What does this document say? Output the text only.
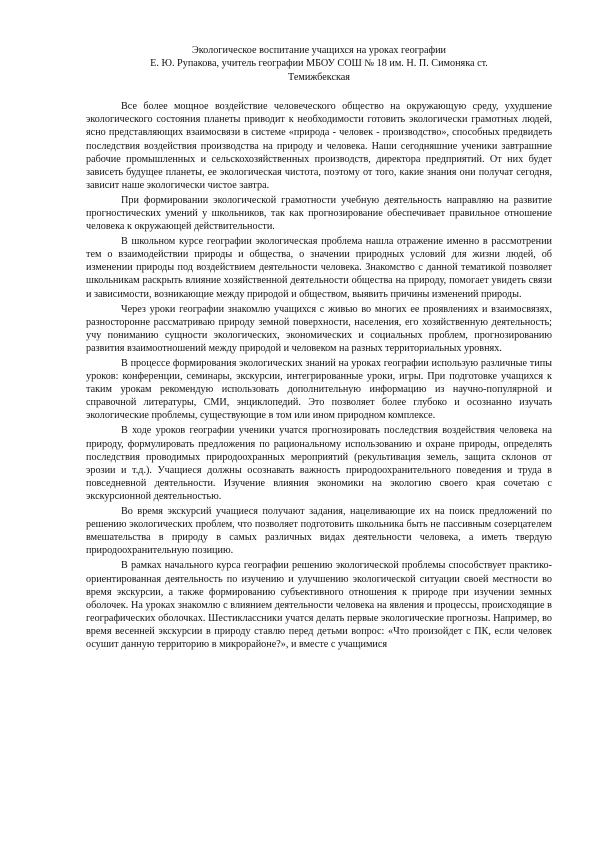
Экологическое воспитание учащихся на уроках географии
Е. Ю. Рупакова, учитель географии МБОУ СОШ № 18 им. Н. П. Симоняка ст.
Темижбекская

Все более мощное воздействие человеческого общество на окружающую среду, ухудшение экологического состояния планеты приводит к необходимости готовить экологически грамотных людей, ясно представляющих взаимосвязи в системе «природа - человек - производство», способных предвидеть последствия воздействия производства на природу и человека. Наши сегодняшние ученики завтрашние рабочие промышленных и сельскохозяйственных производств, директора предприятий. От них будет зависеть будущее планеты, ее экологическая чистота, поэтому от того, какие знания они получат сегодня, зависит наше экологически чистое завтра.

При формировании экологической грамотности учебную деятельность направляю на развитие прогностических умений у школьников, так как прогнозирование обеспечивает правильное отношение человека к окружающей действительности.

В школьном курсе географии экологическая проблема нашла отражение именно в рассмотрении тем о взаимодействии природы и общества, о значении природных условий для жизни людей, об изменении природы под воздействием деятельности человека. Знакомство с данной тематикой позволяет школьникам раскрыть влияние хозяйственной деятельности общества на природу, помогает увидеть связи и зависимости, возникающие между природой и обществом, выявить причины изменений природы.

Через уроки географии знакомлю учащихся с живью во многих ее проявлениях и взаимосвязях, разносторонне рассматриваю природу земной поверхности, населения, его хозяйственную деятельность; учу пониманию сущности экологических, экономических и социальных проблем, прогнозированию развития взаимоотношений между природой и человеком на разных территориальных уровнях.

В процессе формирования экологических знаний на уроках географии использую различные типы уроков: конференции, семинары, экскурсии, интегрированные уроки, игры. При подготовке учащихся к таким урокам рекомендую использовать дополнительную информацию из научно-популярной и справочной литературы, СМИ, энциклопедий. Это позволяет более глубоко и осознанно изучать экологические проблемы, существующие в том или ином природном комплексе.

В ходе уроков географии ученики учатся прогнозировать последствия воздействия человека на природу, формулировать предложения по рациональному использованию и охране природы, определять последствия проводимых природоохранных мероприятий (рекультивация земель, защита склонов от эрозии и т.д.). Учащиеся должны осознавать важность природоохранительного поведения и труда в повседневной деятельности. Изучение влияния экономики на экологию своего края сочетаю с экскурсионной деятельностью.

Во время экскурсий учащиеся получают задания, нацеливающие их на поиск предложений по решению экологических проблем, что позволяет подготовить школьника быть не пассивным созерцателем вмешательства в природу в самых различных видах деятельности человека, а иметь твердую природоохранительную позицию.

В рамках начального курса географии решению экологической проблемы способствует практико-ориентированная деятельность по изучению и улучшению экологической ситуации своей местности во время экскурсии, а также формированию субъективного отношения к природе при изучении земных оболочек. На уроках знакомлю с влиянием деятельности человека на явления и процессы, происходящие в географических оболочках. Шестиклассники учатся делать первые экологические прогнозы. Например, во время весенней экскурсии в природу ставлю перед детьми вопрос: «Что произойдет с ПК, если человек осушит данную территорию в микрорайоне?», и вместе с учащимися
